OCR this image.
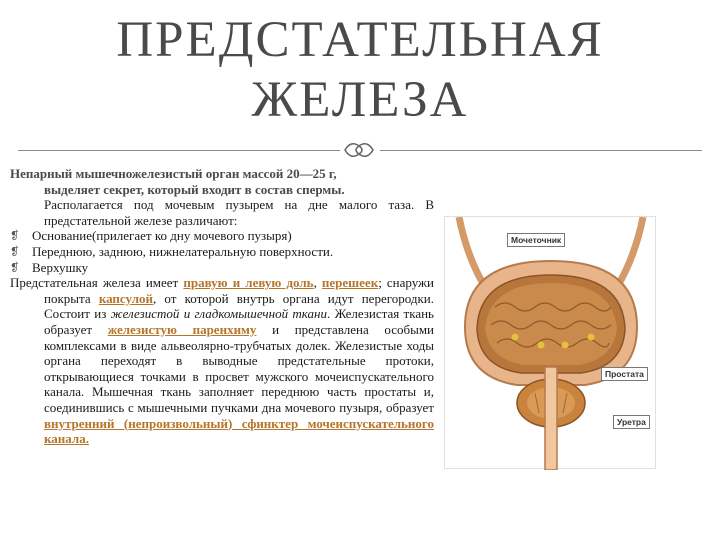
ПРЕДСТАТЕЛЬНАЯ
ЖЕЛЕЗА

Непарный мышечножелезистый орган массой 20—25 г,
выделяет секрет, который входит в состав спермы.

Располагается под мочевым пузырем на дне малого таза. В предстательной железе различают:

❡ Основание(прилегает ко дну мочевого пузыря)

❡ Переднюю, заднюю, нижнелатеральную поверхности.

❡ Верхушку

Предстательная железа имеет правую и левую доль, перешеек; снаружи покрыта капсулой, от которой внутрь органа идут перегородки. Состоит из железистой и гладкомышечной ткани. Железистая ткань образует железистую паренхиму и представлена особыми комплексами в виде альвеолярно-трубчатых долек. Железистые ходы органа переходят в выводные предстательные протоки, открывающиеся точками в просвет мужского мочеиспускательного канала. Мышечная ткань заполняет переднюю часть простаты и, соединившись с мышечными пучками дна мочевого пузыря, образует внутренний (непроизвольный) сфинктер мочеиспускательного канала.

Мочеточник
Простата
Уретра
